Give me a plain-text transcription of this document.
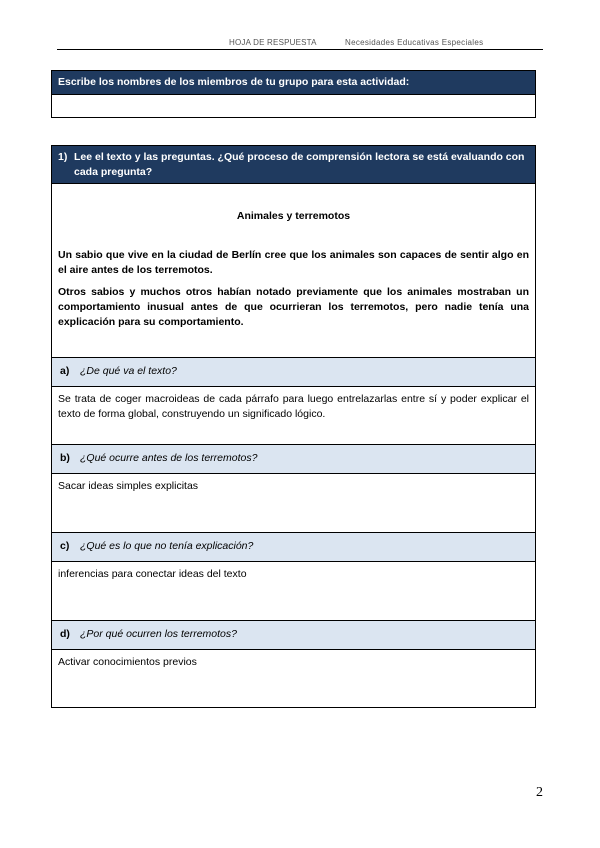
HOJA DE RESPUESTA	Necesidades Educativas Especiales
Escribe los nombres de los miembros de tu grupo para esta actividad:
1) Lee el texto y las preguntas. ¿Qué proceso de comprensión lectora se está evaluando con cada pregunta?
Animales y terremotos

Un sabio que vive en la ciudad de Berlín cree que los animales son capaces de sentir algo en el aire antes de los terremotos.

Otros sabios y muchos otros habían notado previamente que los animales mostraban un comportamiento inusual antes de que ocurrieran los terremotos, pero nadie tenía una explicación para su comportamiento.

a) ¿De qué va el texto?
Se trata de coger macroideas de cada párrafo para luego entrelazarlas entre sí y poder explicar el texto de forma global, construyendo un significado lógico.
b) ¿Qué ocurre antes de los terremotos?
Sacar ideas simples explicitas
c) ¿Qué es lo que no tenía explicación?
inferencias para conectar ideas del texto
d) ¿Por qué ocurren los terremotos?
Activar conocimientos previos
2
